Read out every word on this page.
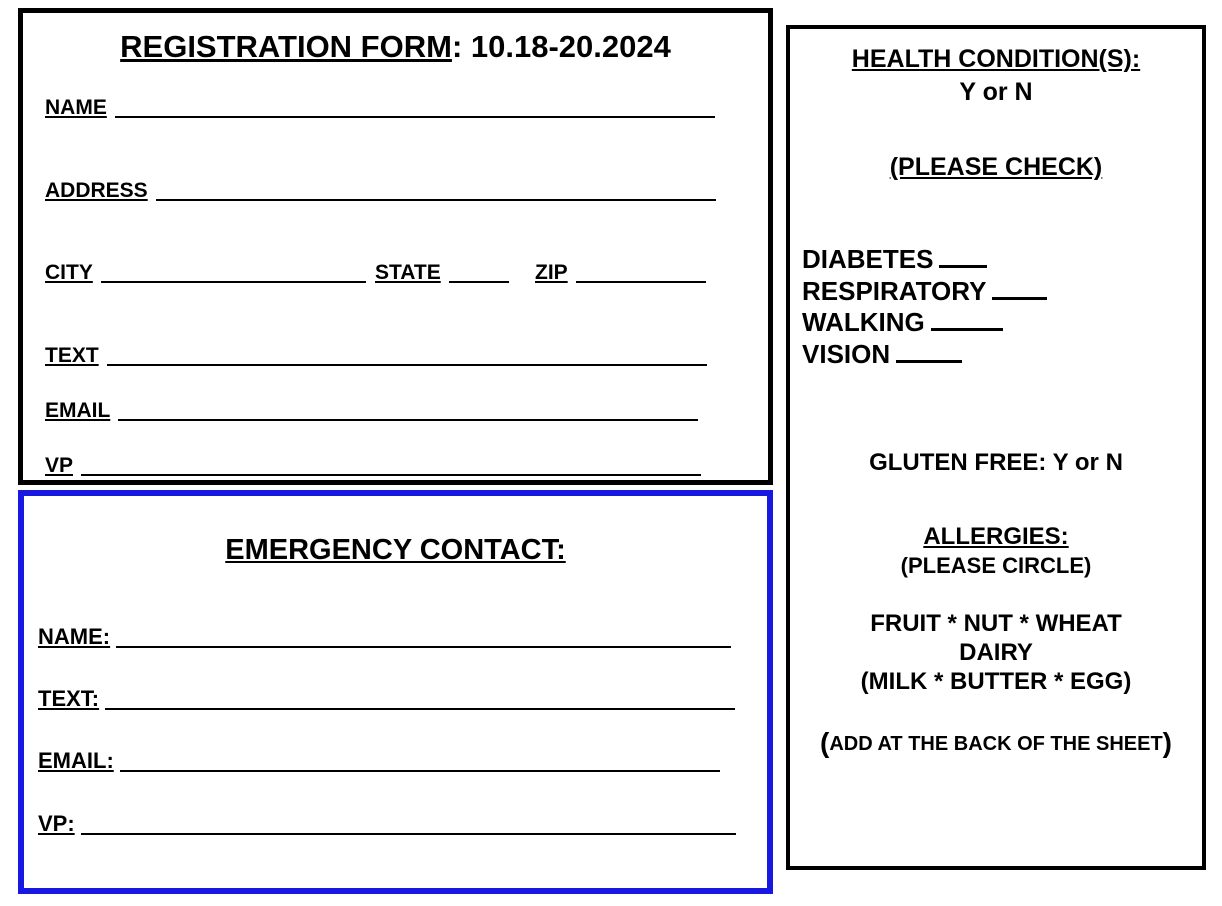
REGISTRATION FORM: 10.18-20.2024
NAME
ADDRESS
CITY	STATE	ZIP
TEXT
EMAIL
VP
EMERGENCY CONTACT:
NAME:
TEXT:
EMAIL:
VP:
HEALTH CONDITION(S):
Y or N
(PLEASE CHECK)
DIABETES
RESPIRATORY
WALKING
VISION
GLUTEN FREE: Y or N
ALLERGIES:
(PLEASE CIRCLE)
FRUIT * NUT * WHEAT
DAIRY
(MILK * BUTTER * EGG)
(ADD AT THE BACK OF THE SHEET)
